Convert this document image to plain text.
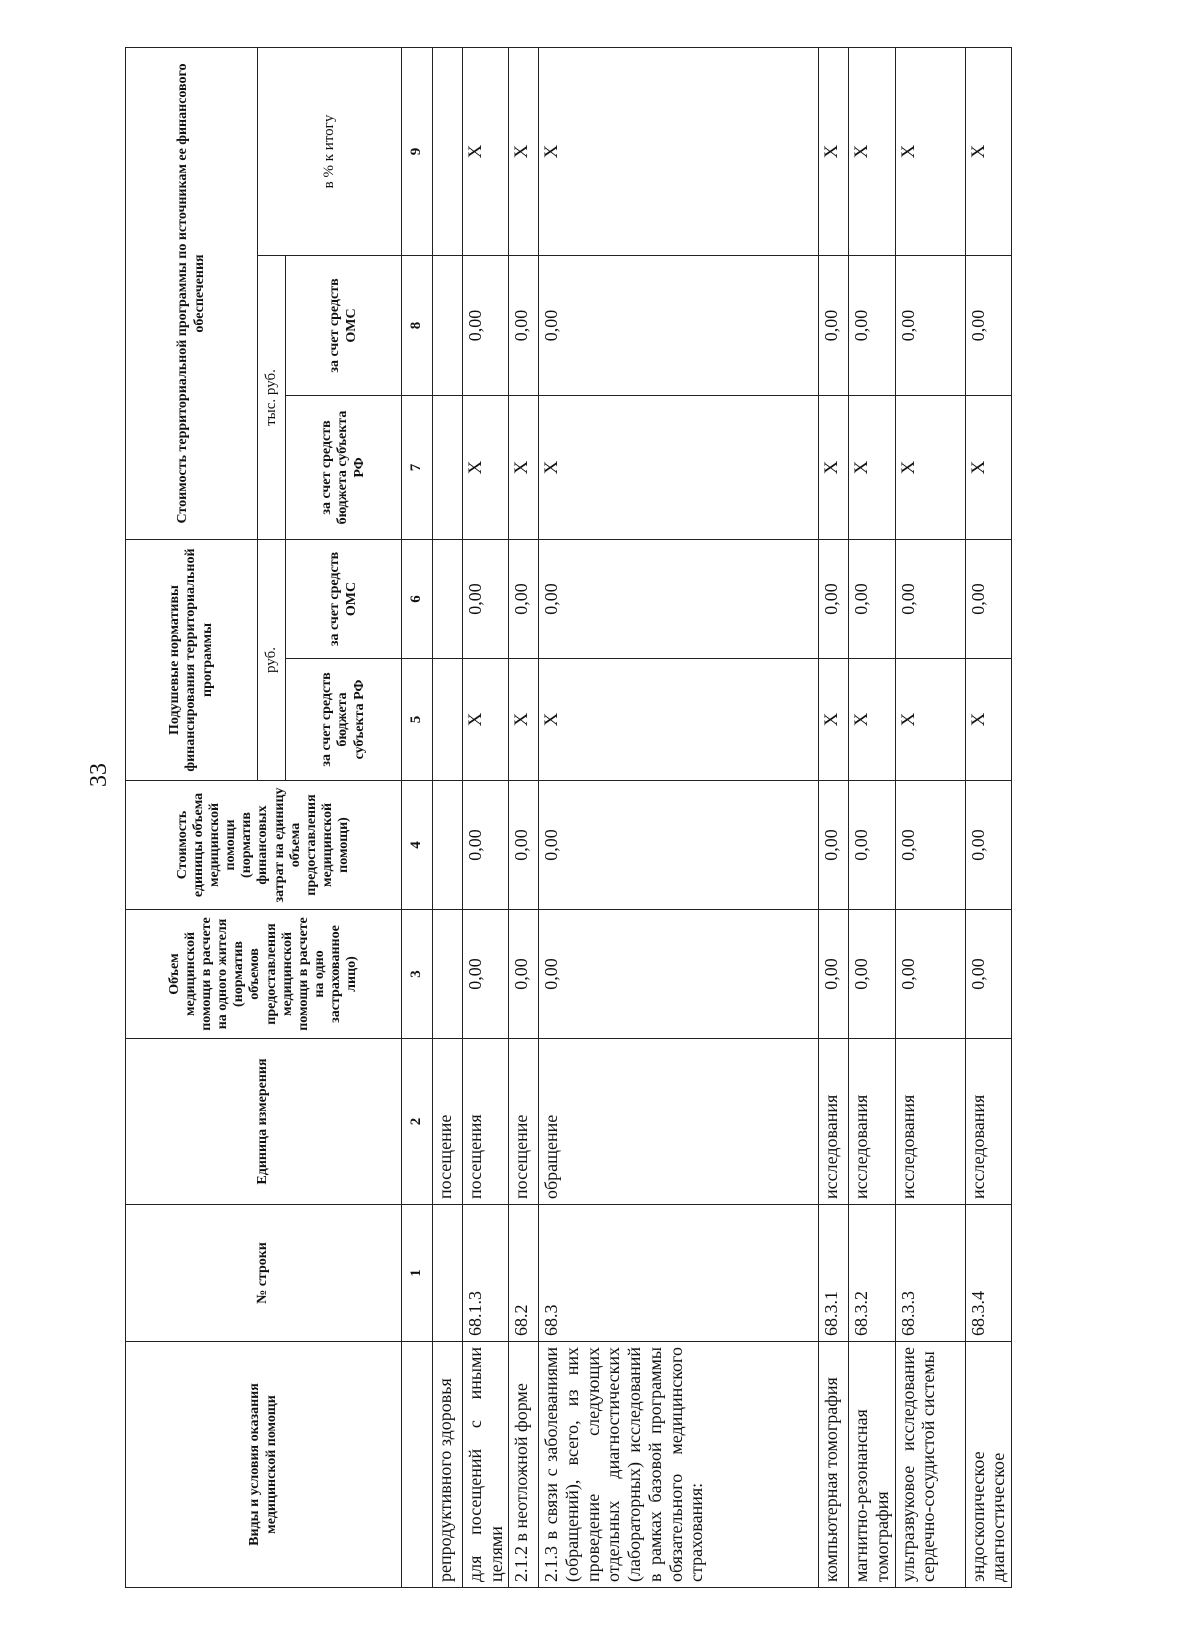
33
Виды и условия оказания медицинской помощи	№ строки	Единица измерения	Объем медицинской помощи в расчете на одного жителя (норматив объемов предоставления медицинской помощи в расчете на одно застрахованное лицо)	Стоимость единицы объема медицинской помощи (норматив финансовых затрат на единицу объема предоставления медицинской помощи)	Подушевые нормативы финансирования территориальной программы		Стоимость территориальной программы по источникам ее финансового обеспечения		
					руб.		тыс. руб.		в % к итогу
					за счет средств бюджета субъекта РФ	за счет средств ОМС	за счет средств бюджета субъекта РФ	за счет средств ОМС	
	1	2	3	4	5	6	7	8	9
репродуктивного здоровья		посещение							
для посещений с иными целями	68.1.3	посещения	0,00	0,00	X	0,00	X	0,00	X
2.1.2 в неотложной форме	68.2	посещение	0,00	0,00	X	0,00	X	0,00	X
2.1.3 в связи с заболеваниями (обращений), всего, из них проведение следующих отдельных диагностических (лабораторных) исследований в рамках базовой программы обязательного медицинского страхования:	68.3	обращение	0,00	0,00	X	0,00	X	0,00	X
компьютерная томография	68.3.1	исследования	0,00	0,00	X	0,00	X	0,00	X
магнитно-резонансная томография	68.3.2	исследования	0,00	0,00	X	0,00	X	0,00	X
ультразвуковое исследование сердечно-сосудистой системы	68.3.3	исследования	0,00	0,00	X	0,00	X	0,00	X
эндоскопическое диагностическое	68.3.4	исследования	0,00	0,00	X	0,00	X	0,00	X
